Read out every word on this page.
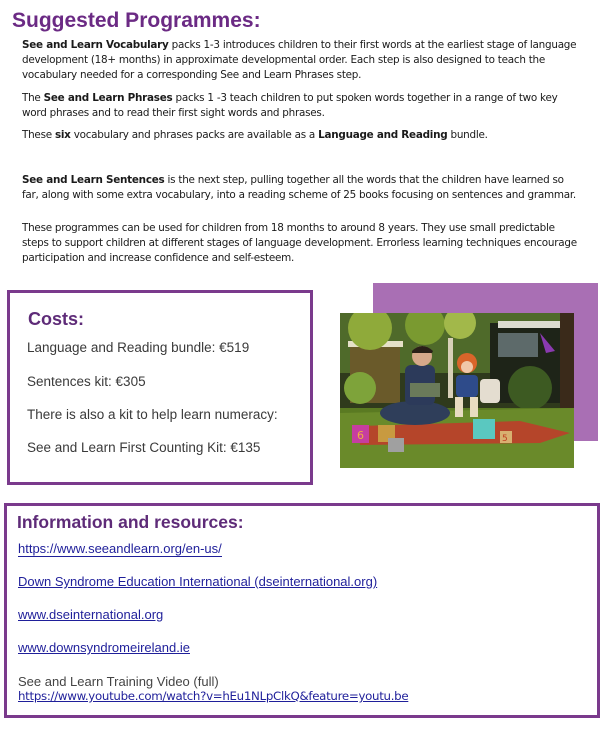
Suggested Programmes:
See and Learn Vocabulary packs 1-3 introduces children to their first words at the earliest stage of language development (18+ months) in approximate developmental order. Each step is also designed to teach the vocabulary needed for a corresponding See and Learn Phrases step.
The See and Learn Phrases packs 1 -3 teach children to put spoken words together in a range of two key word phrases and to read their first sight words and phrases.
These six vocabulary and phrases packs are available as a Language and Reading bundle.
See and Learn Sentences is the next step, pulling together all the words that the children have learned so far, along with some extra vocabulary, into a reading scheme of 25 books focusing on sentences and grammar.
These programmes can be used for children from 18 months to around 8 years. They use small predictable steps to support children at different stages of language development. Errorless learning techniques encourage participation and increase confidence and self-esteem.
Costs:
Language and Reading bundle: €519
Sentences kit: €305
There is also a kit to help learn numeracy:
See and Learn First Counting Kit: €135
6	5
Information and resources:
https://www.seeandlearn.org/en-us/
Down Syndrome Education International (dseinternational.org)
www.dseinternational.org
www.downsyndromeireland.ie
See and Learn Training Video (full)
https://www.youtube.com/watch?v=hEu1NLpClkQ&feature=youtu.be
